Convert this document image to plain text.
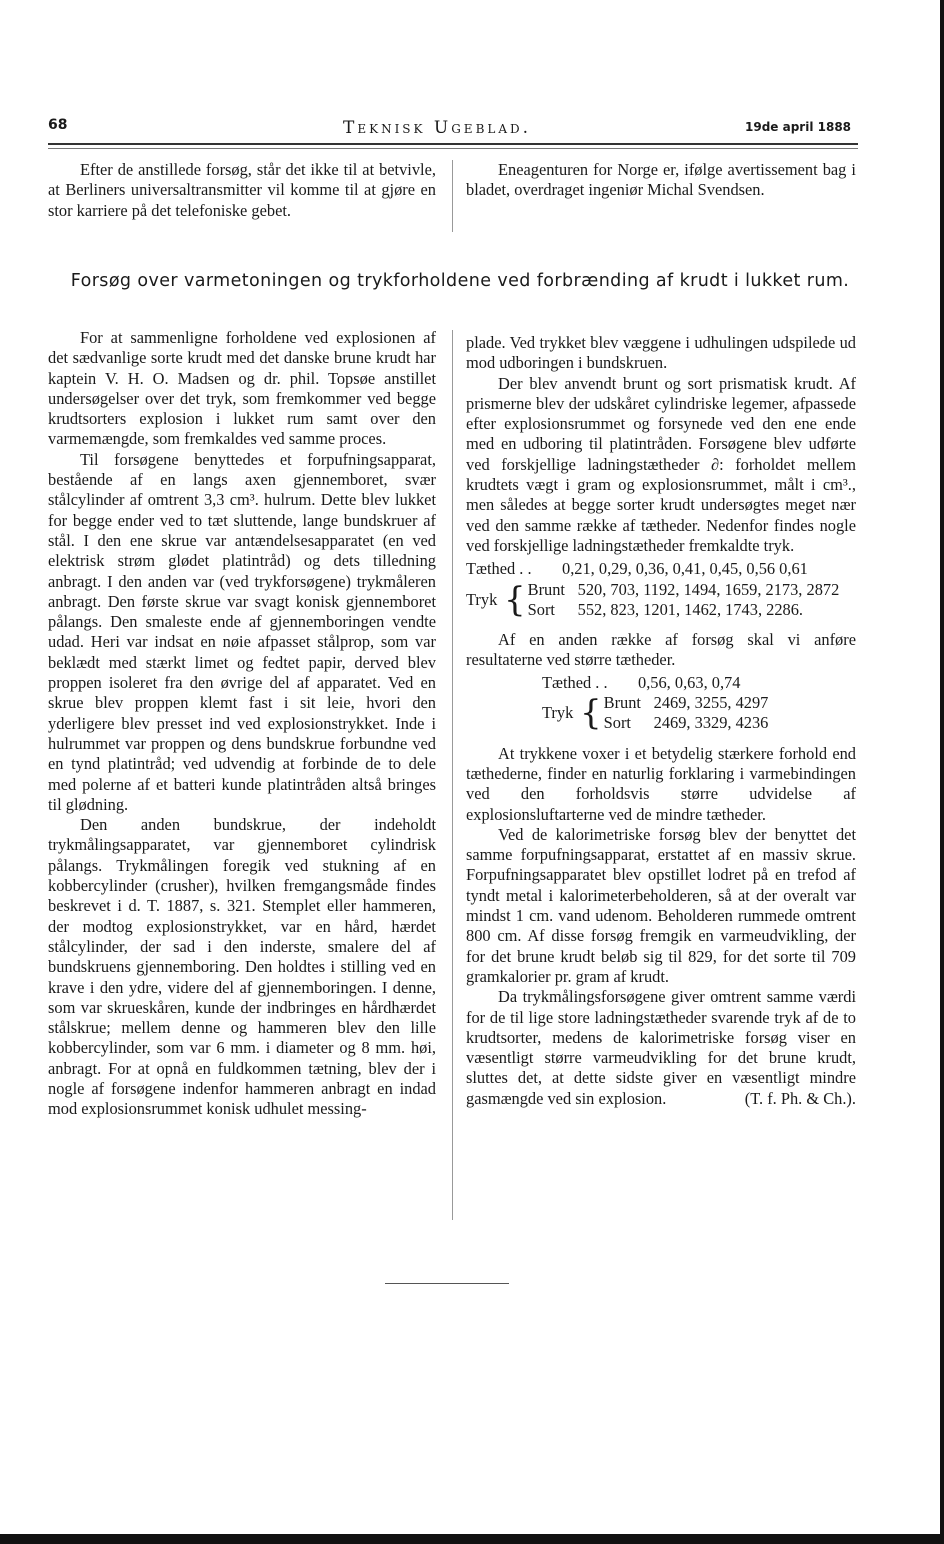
68	Teknisk Ugeblad.	19de april 1888

Efter de anstillede forsøg, står det ikke til at betvivle, at Berliners universaltransmitter vil komme til at gjøre en stor karriere på det telefoniske gebet.

Eneagenturen for Norge er, ifølge avertissement bag i bladet, overdraget ingeniør Michal Svendsen.

Forsøg over varmetoningen og trykforholdene ved forbrænding af krudt i lukket rum.

For at sammenligne forholdene ved explosionen af det sædvanlige sorte krudt med det danske brune krudt har kaptein V. H. O. Madsen og dr. phil. Topsøe anstillet undersøgelser over det tryk, som fremkommer ved begge krudtsorters explosion i lukket rum samt over den varmemængde, som fremkaldes ved samme proces.

Til forsøgene benyttedes et forpufningsapparat, bestående af en langs axen gjennemboret, svær stålcylinder af omtrent 3,3 cm³. hulrum. Dette blev lukket for begge ender ved to tæt sluttende, lange bundskruer af stål. I den ene skrue var antændelsesapparatet (en ved elektrisk strøm glødet platintråd) og dets tilledning anbragt. I den anden var (ved trykforsøgene) trykmåleren anbragt. Den første skrue var svagt konisk gjennemboret pålangs. Den smaleste ende af gjennemboringen vendte udad. Heri var indsat en nøie afpasset stålprop, som var beklædt med stærkt limet og fedtet papir, derved blev proppen isoleret fra den øvrige del af apparatet. Ved en skrue blev proppen klemt fast i sit leie, hvori den yderligere blev presset ind ved explosionstrykket. Inde i hulrummet var proppen og dens bundskrue forbundne ved en tynd platintråd; ved udvendig at forbinde de to dele med polerne af et batteri kunde platintråden altså bringes til glødning.

Den anden bundskrue, der indeholdt trykmålingsapparatet, var gjennemboret cylindrisk pålangs. Trykmålingen foregik ved stukning af en kobbercylinder (crusher), hvilken fremgangsmåde findes beskrevet i d. T. 1887, s. 321. Stemplet eller hammeren, der modtog explosionstrykket, var en hård, hærdet stålcylinder, der sad i den inderste, smalere del af bundskruens gjennemboring. Den holdtes i stilling ved en krave i den ydre, videre del af gjennemboringen. I denne, som var skrueskåren, kunde der indbringes en hårdhærdet stålskrue; mellem denne og hammeren blev den lille kobbercylinder, som var 6 mm. i diameter og 8 mm. høi, anbragt. For at opnå en fuldkommen tætning, blev der i nogle af forsøgene indenfor hammeren anbragt en indad mod explosionsrummet konisk udhulet messing-

plade. Ved trykket blev væggene i udhulingen udspilede ud mod udboringen i bundskruen.

Der blev anvendt brunt og sort prismatisk krudt. Af prismerne blev der udskåret cylindriske legemer, afpassede efter explosionsrummet og forsynede ved den ene ende med en udboring til platintråden. Forsøgene blev udførte ved forskjellige ladningstætheder ∂: forholdet mellem krudtets vægt i gram og explosionsrummet, målt i cm³., men således at begge sorter krudt undersøgtes meget nær ved den samme række af tætheder. Nedenfor findes nogle ved forskjellige ladningstætheder fremkaldte tryk.

Tæthed . .	0,21, 0,29, 0,36, 0,41, 0,45, 0,56 0,61
Tryk { Brunt 520, 703, 1192, 1494, 1659, 2173, 2872
Sort	552, 823, 1201, 1462, 1743, 2286.

Af en anden række af forsøg skal vi anføre resultaterne ved større tætheder.

Tæthed . .	0,56, 0,63, 0,74
Tryk { Brunt 2469, 3255, 4297
Sort	2469, 3329, 4236

At trykkene voxer i et betydelig stærkere forhold end tæthederne, finder en naturlig forklaring i varmebindingen ved den forholdsvis større udvidelse af explosionsluftarterne ved de mindre tætheder.

Ved de kalorimetriske forsøg blev der benyttet det samme forpufningsapparat, erstattet af en massiv skrue. Forpufningsapparatet blev opstillet lodret på en trefod af tyndt metal i kalorimeterbeholderen, så at der overalt var mindst 1 cm. vand udenom. Beholderen rummede omtrent 800 cm. Af disse forsøg fremgik en varmeudvikling, der for det brune krudt beløb sig til 829, for det sorte til 709 gramkalorier pr. gram af krudt.

Da trykmålingsforsøgene giver omtrent samme værdi for de til lige store ladningstætheder svarende tryk af de to krudtsorter, medens de kalorimetriske forsøg viser en væsentligt større varmeudvikling for det brune krudt, sluttes det, at dette sidste giver en væsentligt mindre gasmængde ved sin explosion.	(T. f. Ph. & Ch.).
